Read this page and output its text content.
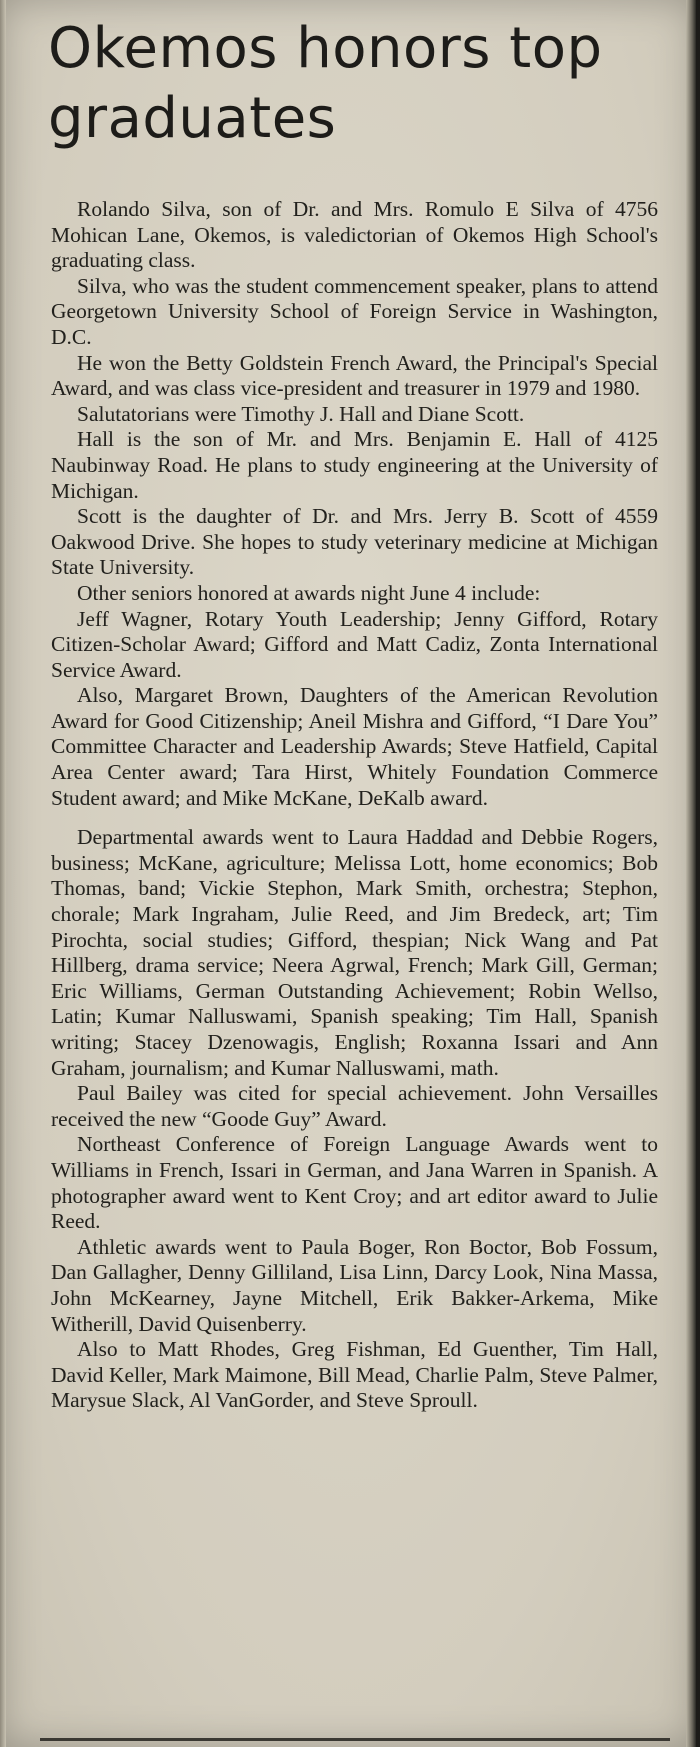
Okemos honors top graduates

Rolando Silva, son of Dr. and Mrs. Romulo E Silva of 4756 Mohican Lane, Okemos, is valedictorian of Okemos High School's graduating class.

Silva, who was the student commencement speaker, plans to attend Georgetown University School of Foreign Service in Washington, D.C.

He won the Betty Goldstein French Award, the Principal's Special Award, and was class vice-president and treasurer in 1979 and 1980.

Salutatorians were Timothy J. Hall and Diane Scott.

Hall is the son of Mr. and Mrs. Benjamin E. Hall of 4125 Naubinway Road. He plans to study engineering at the University of Michigan.

Scott is the daughter of Dr. and Mrs. Jerry B. Scott of 4559 Oakwood Drive. She hopes to study veterinary medicine at Michigan State University.

Other seniors honored at awards night June 4 include:

Jeff Wagner, Rotary Youth Leadership; Jenny Gifford, Rotary Citizen-Scholar Award; Gifford and Matt Cadiz, Zonta International Service Award.

Also, Margaret Brown, Daughters of the American Revolution Award for Good Citizenship; Aneil Mishra and Gifford, “I Dare You” Committee Character and Leadership Awards; Steve Hatfield, Capital Area Center award; Tara Hirst, Whitely Foundation Commerce Student award; and Mike McKane, DeKalb award.

Departmental awards went to Laura Haddad and Debbie Rogers, business; McKane, agriculture; Melissa Lott, home economics; Bob Thomas, band; Vickie Stephon, Mark Smith, orchestra; Stephon, chorale; Mark Ingraham, Julie Reed, and Jim Bredeck, art; Tim Pirochta, social studies; Gifford, thespian; Nick Wang and Pat Hillberg, drama service; Neera Agrwal, French; Mark Gill, German; Eric Williams, German Outstanding Achievement; Robin Wellso, Latin; Kumar Nalluswami, Spanish speaking; Tim Hall, Spanish writing; Stacey Dzenowagis, English; Roxanna Issari and Ann Graham, journalism; and Kumar Nalluswami, math.

Paul Bailey was cited for special achievement. John Versailles received the new “Goode Guy” Award.

Northeast Conference of Foreign Language Awards went to Williams in French, Issari in German, and Jana Warren in Spanish. A photographer award went to Kent Croy; and art editor award to Julie Reed.

Athletic awards went to Paula Boger, Ron Boctor, Bob Fossum, Dan Gallagher, Denny Gilliland, Lisa Linn, Darcy Look, Nina Massa, John McKearney, Jayne Mitchell, Erik Bakker-Arkema, Mike Witherill, David Quisenberry.

Also to Matt Rhodes, Greg Fishman, Ed Guenther, Tim Hall, David Keller, Mark Maimone, Bill Mead, Charlie Palm, Steve Palmer, Marysue Slack, Al VanGorder, and Steve Sproull.
